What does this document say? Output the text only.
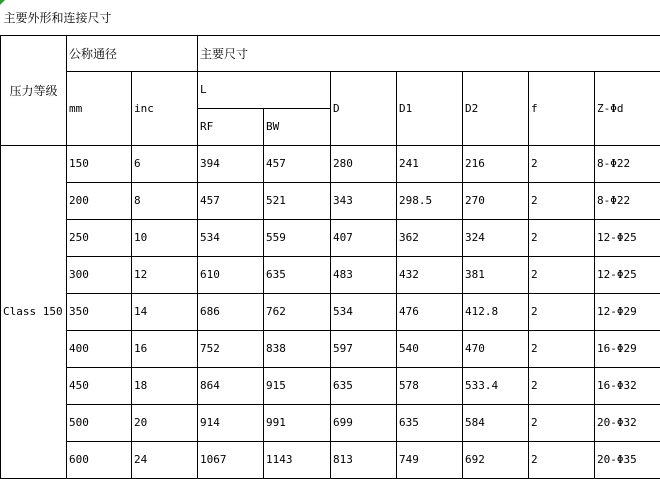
主要外形和连接尺寸									
压力等级	公称通径		主要尺寸						
	mm	inc	L		D	D1	D2	f	Z-Φd
			RF	BW					
Class 150	150	6	394	457	280	241	216	2	8-Φ22
	200	8	457	521	343	298.5	270	2	8-Φ22
	250	10	534	559	407	362	324	2	12-Φ25
	300	12	610	635	483	432	381	2	12-Φ25
	350	14	686	762	534	476	412.8	2	12-Φ29
	400	16	752	838	597	540	470	2	16-Φ29
	450	18	864	915	635	578	533.4	2	16-Φ32
	500	20	914	991	699	635	584	2	20-Φ32
	600	24	1067	1143	813	749	692	2	20-Φ35
